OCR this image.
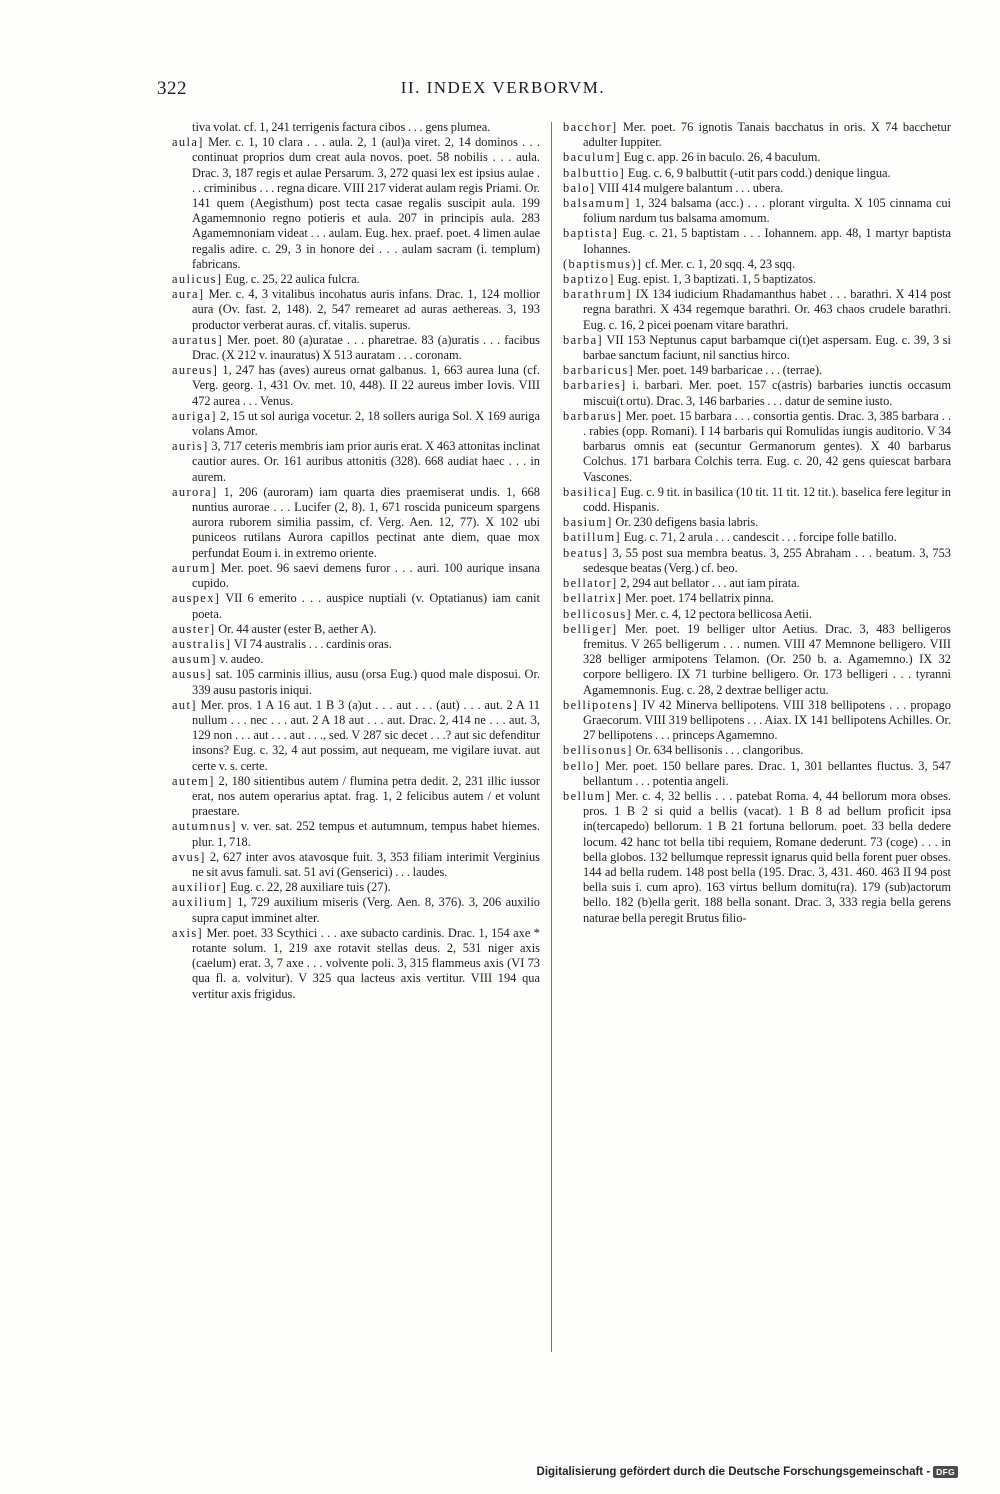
322	II. INDEX VERBORVM.

tiva volat. cf. 1, 241 terrigenis factura cibos . . . gens plumea.

aula] Mer. c. 1, 10 clara . . . aula. 2, 1 (aul)a viret. 2, 14 dominos . . . continuat proprios dum creat aula novos. poet. 58 nobilis . . . aula. Drac. 3, 187 regis et aulae Persarum. 3, 272 quasi lex est ipsius aulae . . . criminibus . . . regna dicare. VIII 217 viderat aulam regis Priami. Or. 141 quem (Aegisthum) post tecta casae regalis suscipit aula. 199 Agamemnonio regno potieris et aula. 207 in principis aula. 283 Agamemnoniam videat . . . aulam. Eug. hex. praef. poet. 4 limen aulae regalis adire. c. 29, 3 in honore dei . . . aulam sacram (i. templum) fabricans.

aulicus] Eug. c. 25, 22 aulica fulcra.

aura] Mer. c. 4, 3 vitalibus incohatus auris infans. Drac. 1, 124 mollior aura (Ov. fast. 2, 148). 2, 547 remearet ad auras aethereas. 3, 193 productor verberat auras. cf. vitalis. superus.

auratus] Mer. poet. 80 (a)uratae . . . pharetrae. 83 (a)uratis . . . facibus Drac. (X 212 v. inauratus) X 513 auratam . . . coronam.

aureus] 1, 247 has (aves) aureus ornat galbanus. 1, 663 aurea luna (cf. Verg. georg. 1, 431 Ov. met. 10, 448). II 22 aureus imber Iovis. VIII 472 aurea . . . Venus.

auriga] 2, 15 ut sol auriga vocetur. 2, 18 sollers auriga Sol. X 169 auriga volans Amor.

auris] 3, 717 ceteris membris iam prior auris erat. X 463 attonitas inclinat cautior aures. Or. 161 auribus attonitis (328). 668 audiat haec . . . in aurem.

aurora] 1, 206 (auroram) iam quarta dies praemiserat undis. 1, 668 nuntius aurorae . . . Lucifer (2, 8). 1, 671 roscida puniceum spargens aurora ruborem similia passim, cf. Verg. Aen. 12, 77). X 102 ubi puniceos rutilans Aurora capillos pectinat ante diem, quae mox perfundat Eoum i. in extremo oriente.

aurum] Mer. poet. 96 saevi demens furor . . . auri. 100 aurique insana cupido.

auspex] VII 6 emerito . . . auspice nuptiali (v. Optatianus) iam canit poeta.

auster] Or. 44 auster (ester B, aether A).

australis] VI 74 australis . . . cardinis oras.

ausum] v. audeo.

ausus] sat. 105 carminis illius, ausu (orsa Eug.) quod male disposui. Or. 339 ausu pastoris iniqui.

aut] Mer. pros. 1 A 16 aut. 1 B 3 (a)ut . . . aut . . . (aut) . . . aut. 2 A 11 nullum . . . nec . . . aut. 2 A 18 aut . . . aut. Drac. 2, 414 ne . . . aut. 3, 129 non . . . aut . . . aut . . ., sed. V 287 sic decet . . .? aut sic defenditur insons? Eug. c. 32, 4 aut possim, aut nequeam, me vigilare iuvat. aut certe v. s. certe.

autem] 2, 180 sitientibus autem / flumina petra dedit. 2, 231 illic iussor erat, nos autem operarius aptat. frag. 1, 2 felicibus autem / et volunt praestare.

autumnus] v. ver. sat. 252 tempus et autumnum, tempus habet hiemes. plur. 1, 718.

avus] 2, 627 inter avos atavosque fuit. 3, 353 filiam interimit Verginius ne sit avus famuli. sat. 51 avi (Genserici) . . . laudes.

auxilior] Eug. c. 22, 28 auxiliare tuis (27).

auxilium] 1, 729 auxilium miseris (Verg. Aen. 8, 376). 3, 206 auxilio supra caput imminet alter.

axis] Mer. poet. 33 Scythici . . . axe subacto cardinis. Drac. 1, 154 axe * rotante solum. 1, 219 axe rotavit stellas deus. 2, 531 niger axis (caelum) erat. 3, 7 axe . . . volvente poli. 3, 315 flammeus axis (VI 73 qua fl. a. volvitur). V 325 qua lacteus axis vertitur. VIII 194 qua vertitur axis frigidus.

bacchor] Mer. poet. 76 ignotis Tanais bacchatus in oris. X 74 bacchetur adulter Iuppiter.

baculum] Eug c. app. 26 in baculo. 26, 4 baculum.

balbuttio] Eug. c. 6, 9 balbuttit (-utit pars codd.) denique lingua.

balo] VIII 414 mulgere balantum . . . ubera.

balsamum] 1, 324 balsama (acc.) . . . plorant virgulta. X 105 cinnama cui folium nardum tus balsama amomum.

baptista] Eug. c. 21, 5 baptistam . . . Iohannem. app. 48, 1 martyr baptista Iohannes.

(baptismus)] cf. Mer. c. 1, 20 sqq. 4, 23 sqq.

baptizo] Eug. epist. 1, 3 baptizati. 1, 5 baptizatos.

barathrum] IX 134 iudicium Rhadamanthus habet . . . barathri. X 414 post regna barathri. X 434 regemque barathri. Or. 463 chaos crudele barathri. Eug. c. 16, 2 picei poenam vitare barathri.

barba] VII 153 Neptunus caput barbamque ci(t)et aspersam. Eug. c. 39, 3 si barbae sanctum faciunt, nil sanctius hirco.

barbaricus] Mer. poet. 149 barbaricae . . . (terrae).

barbaries] i. barbari. Mer. poet. 157 c(astris) barbaries iunctis occasum miscui(t ortu). Drac. 3, 146 barbaries . . . datur de semine iusto.

barbarus] Mer. poet. 15 barbara . . . consortia gentis. Drac. 3, 385 barbara . . . rabies (opp. Romani). I 14 barbaris qui Romulidas iungis auditorio. V 34 barbarus omnis eat (secuntur Germanorum gentes). X 40 barbarus Colchus. 171 barbara Colchis terra. Eug. c. 20, 42 gens quiescat barbara Vascones.

basilica] Eug. c. 9 tit. in basilica (10 tit. 11 tit. 12 tit.). baselica fere legitur in codd. Hispanis.

basium] Or. 230 defigens basia labris.

batillum] Eug. c. 71, 2 arula . . . candescit . . . forcipe folle batillo.

beatus] 3, 55 post sua membra beatus. 3, 255 Abraham . . . beatum. 3, 753 sedesque beatas (Verg.) cf. beo.

bellator] 2, 294 aut bellator . . . aut iam pirata.

bellatrix] Mer. poet. 174 bellatrix pinna.

bellicosus] Mer. c. 4, 12 pectora bellicosa Aetii.

belliger] Mer. poet. 19 belliger ultor Aetius. Drac. 3, 483 belligeros fremitus. V 265 belligerum . . . numen. VIII 47 Memnone belligero. VIII 328 belliger armipotens Telamon. (Or. 250 b. a. Agamemno.) IX 32 corpore belligero. IX 71 turbine belligero. Or. 173 belligeri . . . tyranni Agamemnonis. Eug. c. 28, 2 dextrae belliger actu.

bellipotens] IV 42 Minerva bellipotens. VIII 318 bellipotens . . . propago Graecorum. VIII 319 bellipotens . . . Aiax. IX 141 bellipotens Achilles. Or. 27 bellipotens . . . princeps Agamemno.

bellisonus] Or. 634 bellisonis . . . clangoribus.

bello] Mer. poet. 150 bellare pares. Drac. 1, 301 bellantes fluctus. 3, 547 bellantum . . . potentia angeli.

bellum] Mer. c. 4, 32 bellis . . . patebat Roma. 4, 44 bellorum mora obses. pros. 1 B 2 si quid a bellis (vacat). 1 B 8 ad bellum proficit ipsa in(tercapedo) bellorum. 1 B 21 fortuna bellorum. poet. 33 bella dedere locum. 42 hanc tot bella tibi requiem, Romane dederunt. 73 (coge) . . . in bella globos. 132 bellumque repressit ignarus quid bella forent puer obses. 144 ad bella rudem. 148 post bella (195. Drac. 3, 431. 460. 463 II 94 post bella suis i. cum apro). 163 virtus bellum domitu(ra). 179 (sub)actorum bello. 182 (b)ella gerit. 188 bella sonant. Drac. 3, 333 regia bella gerens naturae bella peregit Brutus filio-

Digitalisierung gefördert durch die Deutsche Forschungsgemeinschaft - DFG
